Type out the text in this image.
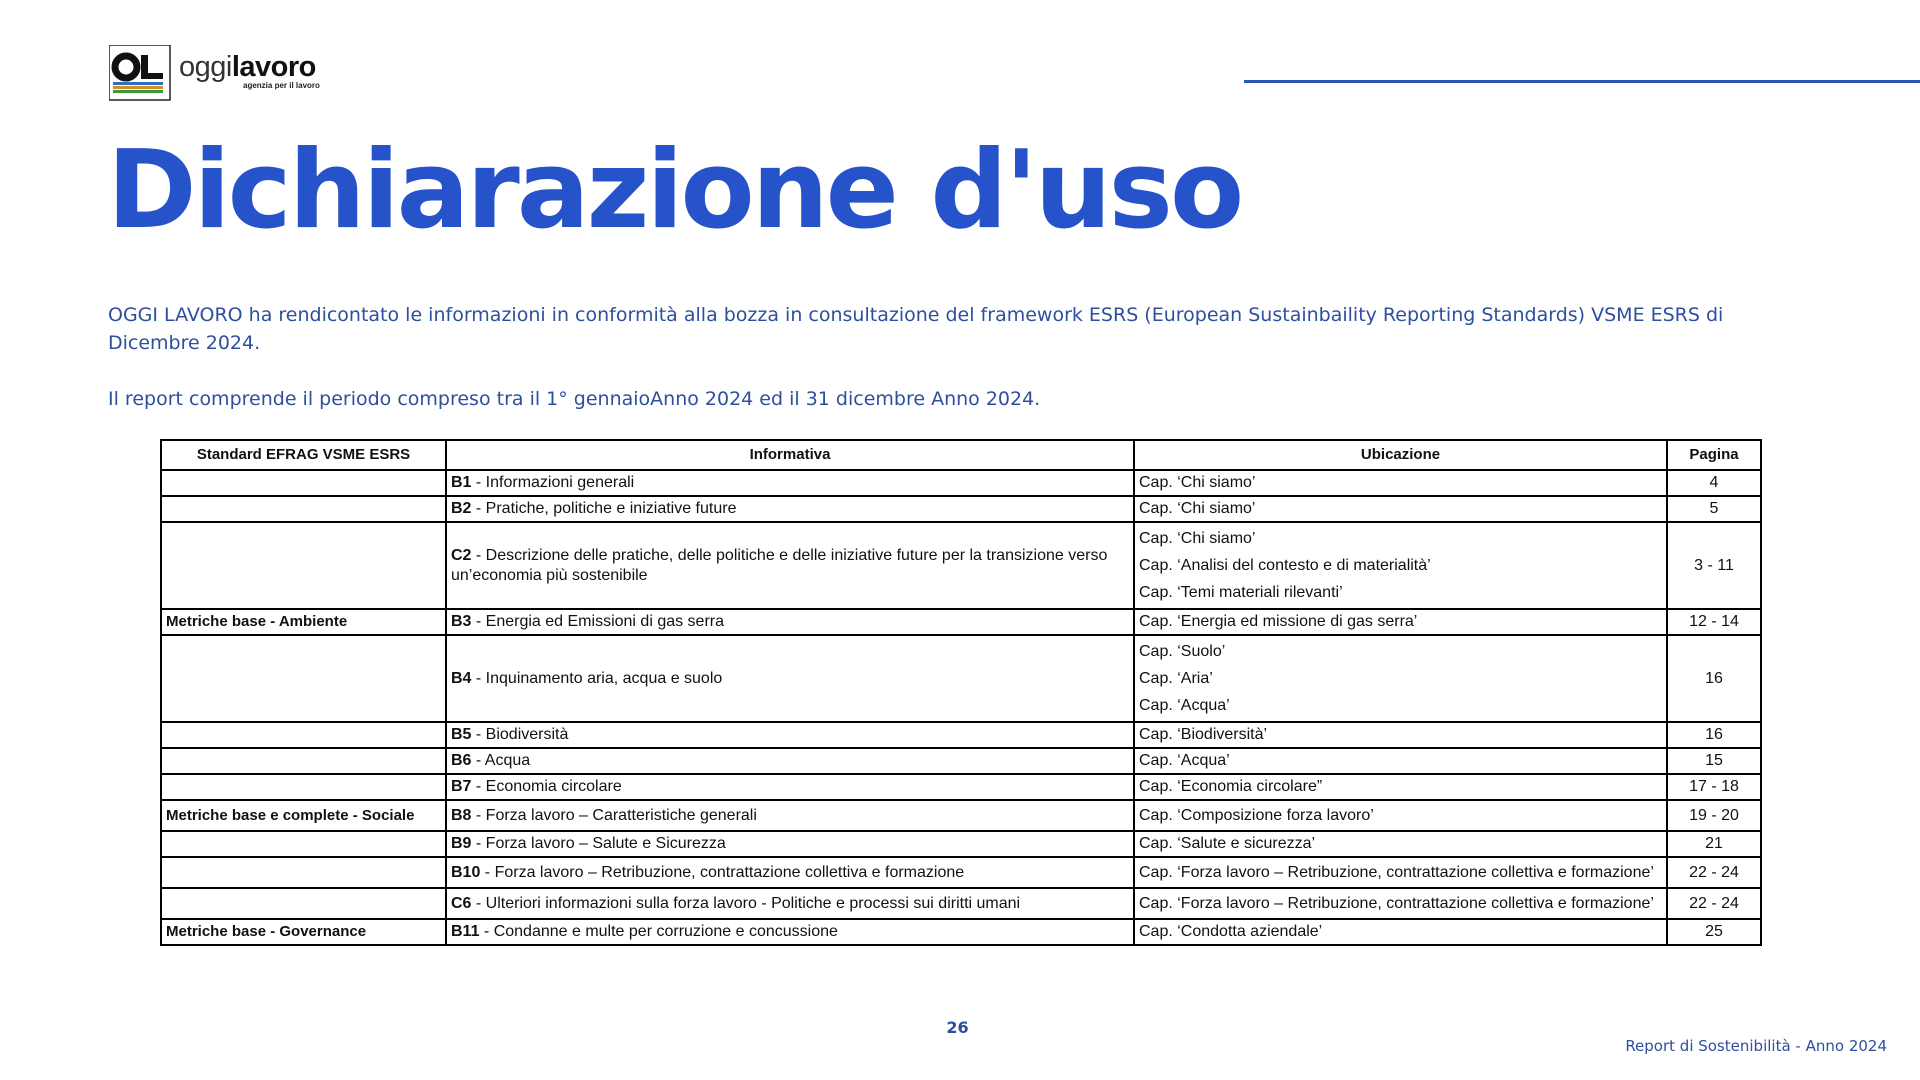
oggilavoro
agenzia per il lavoro
Dichiarazione d'uso

OGGI LAVORO ha rendicontato le informazioni in conformità alla bozza in consultazione del framework ESRS (European Sustainbaility Reporting Standards) VSME ESRS di Dicembre 2024.

Il report comprende il periodo compreso tra il 1° gennaioAnno 2024 ed il 31 dicembre Anno 2024.

Standard EFRAG VSME ESRS	Informativa	Ubicazione	Pagina
	B1 - Informazioni generali	Cap. ‘Chi siamo’	4
	B2 - Pratiche, politiche e iniziative future	Cap. ‘Chi siamo’	5
	C2 - Descrizione delle pratiche, delle politiche e delle iniziative future per la transizione verso un’economia più sostenibile	Cap. ‘Chi siamo’
Cap. ‘Analisi del contesto e di materialità’
Cap. ‘Temi materiali rilevanti’	3 - 11
Metriche base - Ambiente	B3 - Energia ed Emissioni di gas serra	Cap. ‘Energia ed missione di gas serra’	12 - 14
	B4 - Inquinamento aria, acqua e suolo	Cap. ‘Suolo’
Cap. ‘Aria’
Cap. ‘Acqua’	16
	B5 - Biodiversità	Cap. ‘Biodiversità’	16
	B6 - Acqua	Cap. ‘Acqua’	15
	B7 - Economia circolare	Cap. ‘Economia circolare”	17 - 18
Metriche base e complete - Sociale	B8 - Forza lavoro – Caratteristiche generali	Cap. ‘Composizione forza lavoro’	19 - 20
	B9 - Forza lavoro – Salute e Sicurezza	Cap. ‘Salute e sicurezza’	21
	B10 - Forza lavoro – Retribuzione, contrattazione collettiva e formazione	Cap. ‘Forza lavoro – Retribuzione, contrattazione collettiva e formazione’	22 - 24
	C6 - Ulteriori informazioni sulla forza lavoro - Politiche e processi sui diritti umani	Cap. ‘Forza lavoro – Retribuzione, contrattazione collettiva e formazione’	22 - 24
Metriche base - Governance	B11 - Condanne e multe per corruzione e concussione	Cap. ‘Condotta aziendale’	25
26
Report di Sostenibilità - Anno 2024
